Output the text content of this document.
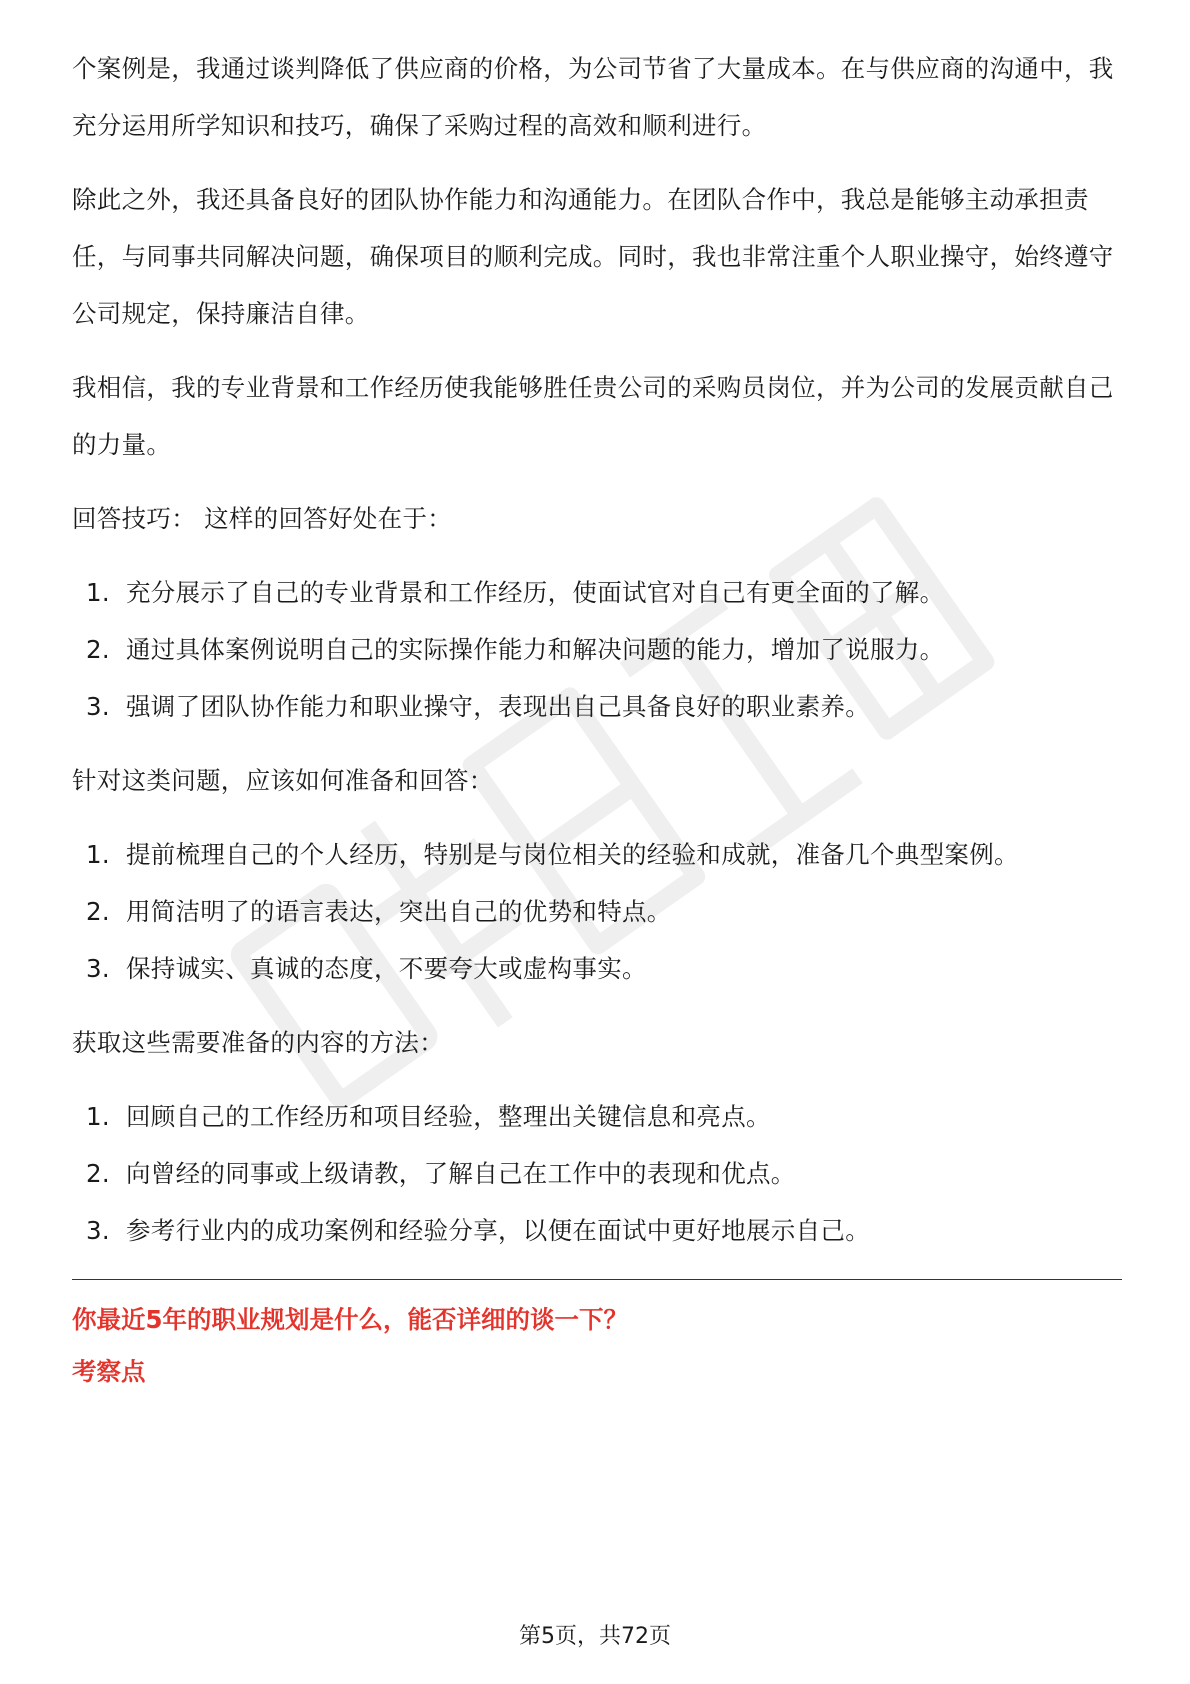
个案例是，我通过谈判降低了供应商的价格，为公司节省了大量成本。在与供应商的沟通中，我充分运用所学知识和技巧，确保了采购过程的高效和顺利进行。

除此之外，我还具备良好的团队协作能力和沟通能力。在团队合作中，我总是能够主动承担责任，与同事共同解决问题，确保项目的顺利完成。同时，我也非常注重个人职业操守，始终遵守公司规定，保持廉洁自律。

我相信，我的专业背景和工作经历使我能够胜任贵公司的采购员岗位，并为公司的发展贡献自己的力量。

回答技巧： 这样的回答好处在于：

1. 充分展示了自己的专业背景和工作经历，使面试官对自己有更全面的了解。
2. 通过具体案例说明自己的实际操作能力和解决问题的能力，增加了说服力。
3. 强调了团队协作能力和职业操守，表现出自己具备良好的职业素养。

针对这类问题，应该如何准备和回答：

1. 提前梳理自己的个人经历，特别是与岗位相关的经验和成就，准备几个典型案例。
2. 用简洁明了的语言表达，突出自己的优势和特点。
3. 保持诚实、真诚的态度，不要夸大或虚构事实。

获取这些需要准备的内容的方法：

1. 回顾自己的工作经历和项目经验，整理出关键信息和亮点。
2. 向曾经的同事或上级请教，了解自己在工作中的表现和优点。
3. 参考行业内的成功案例和经验分享，以便在面试中更好地展示自己。
你最近5年的职业规划是什么，能否详细的谈一下？
考察点
第5页，共72页
